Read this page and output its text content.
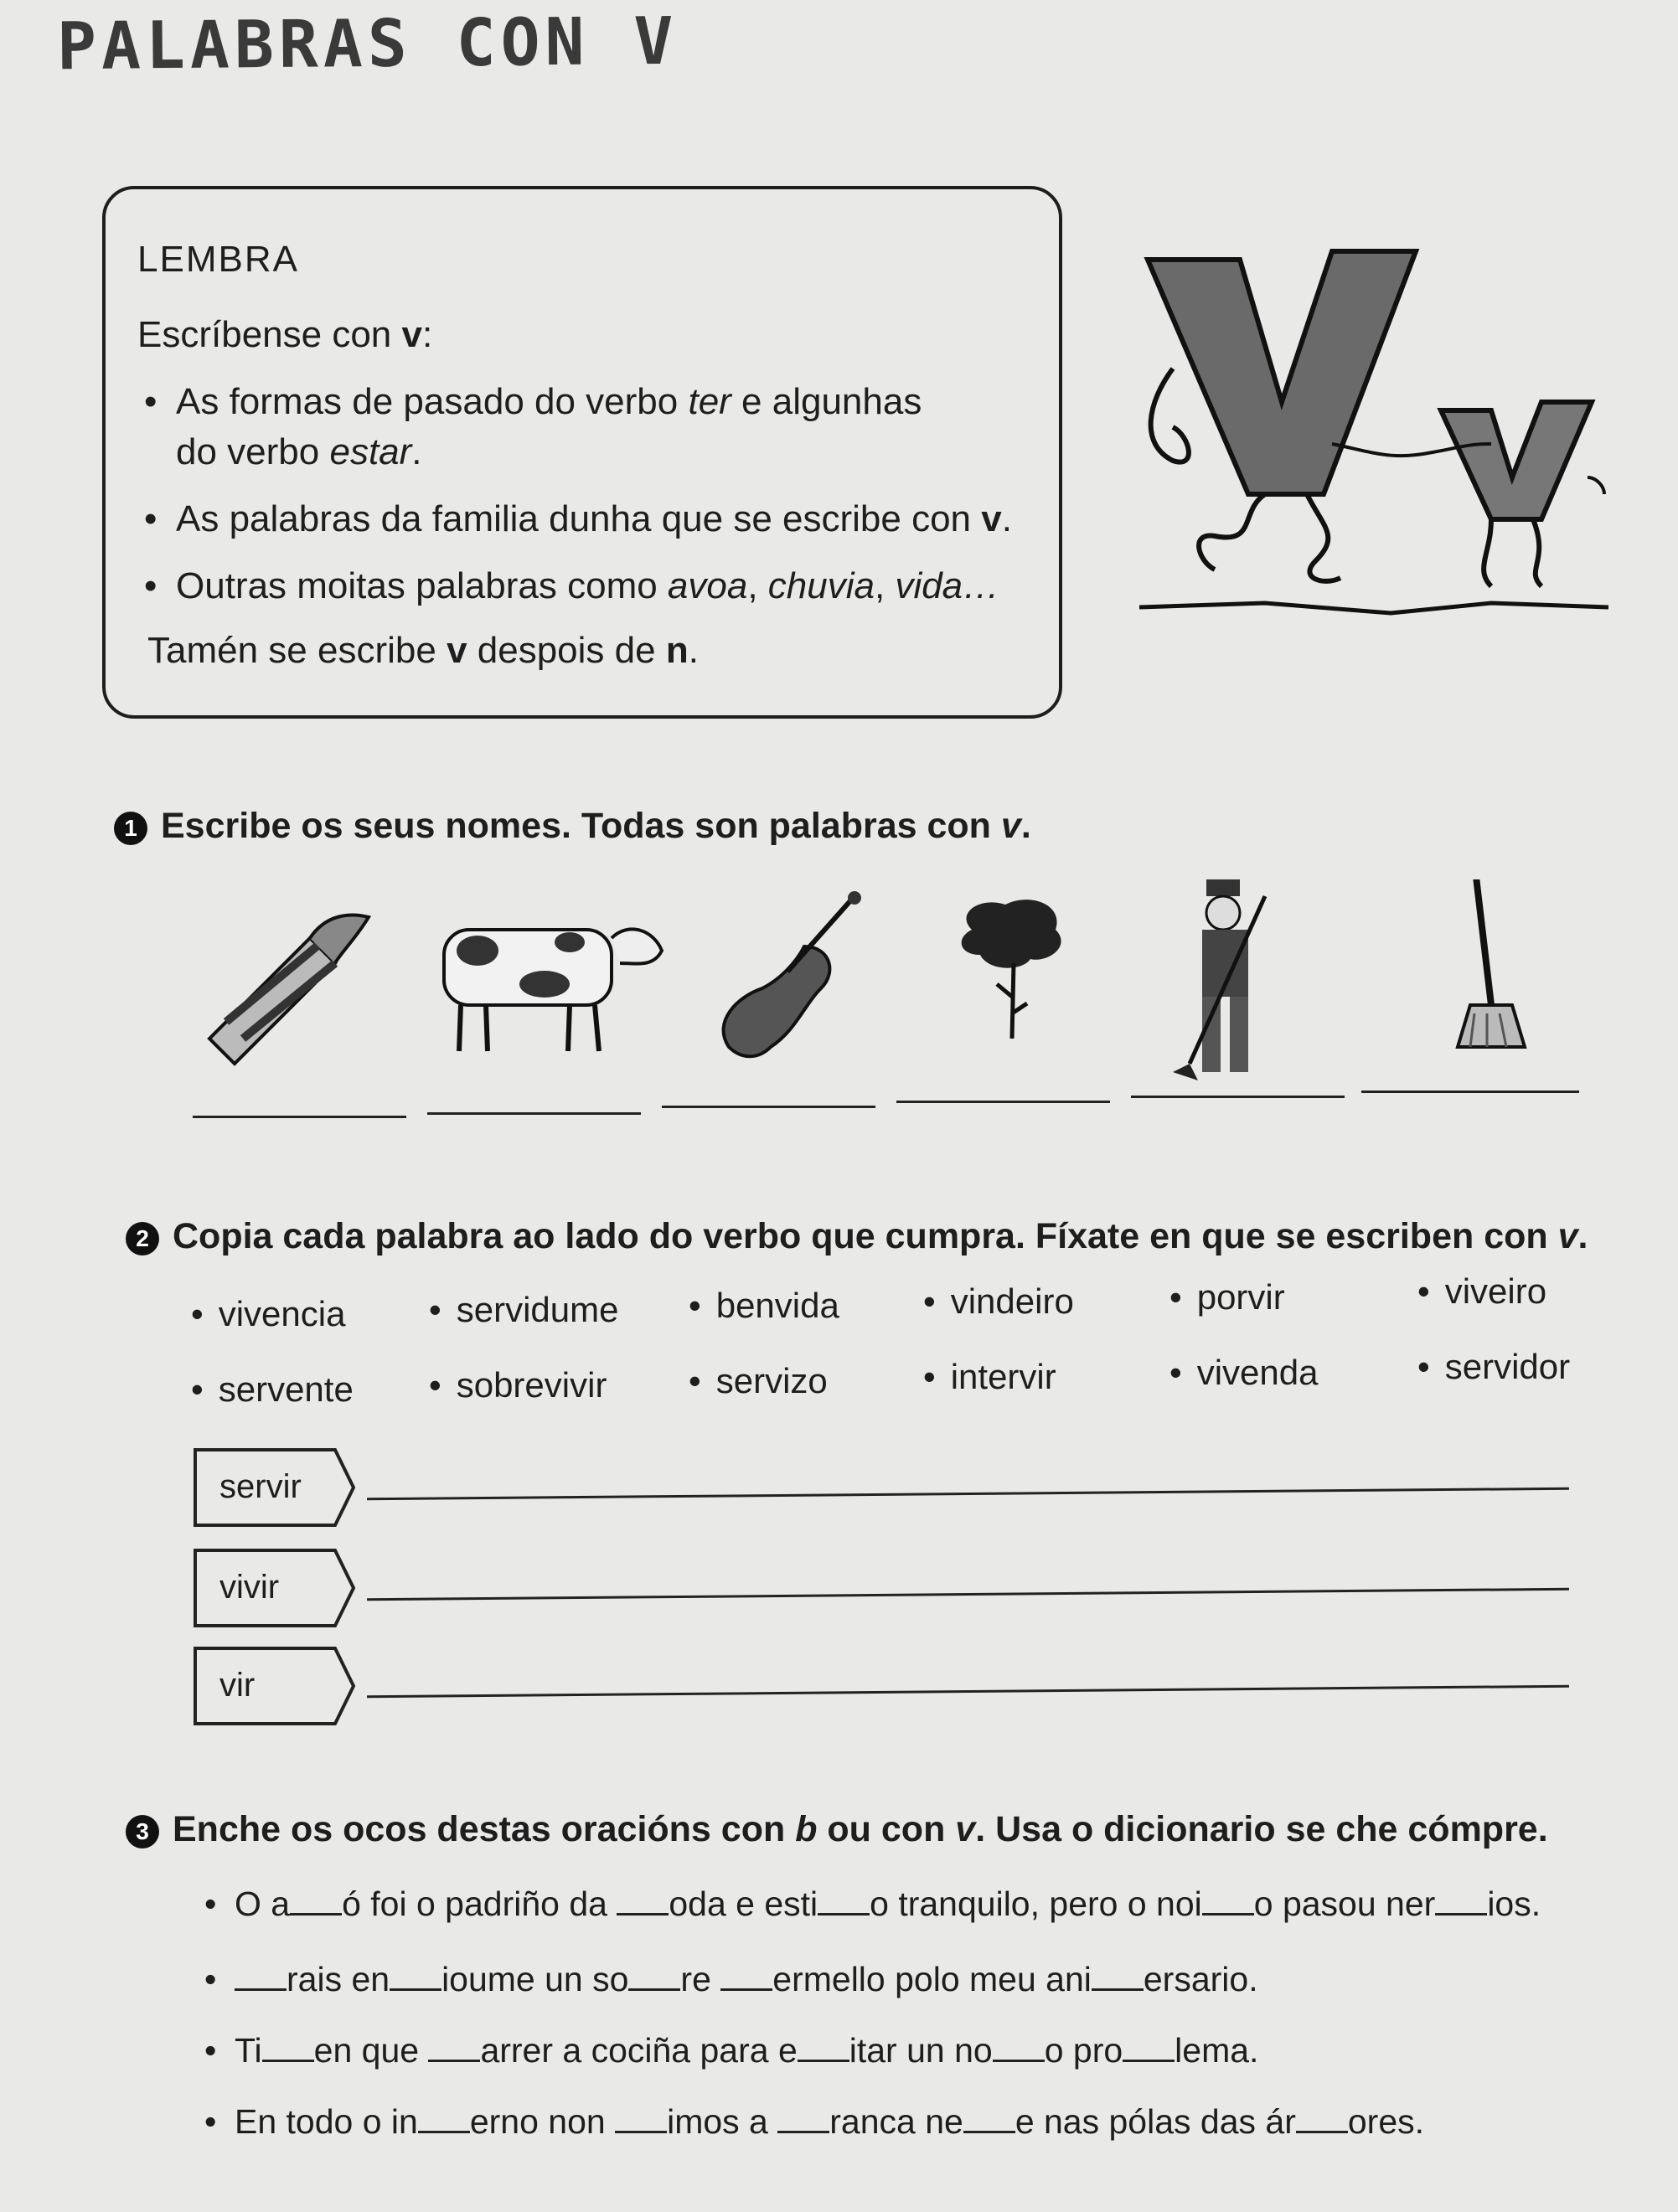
PALABRAS CON V
LEMBRA
Escríbense con v:
• As formas de pasado do verbo ter e algunhas
do verbo estar.
• As palabras da familia dunha que se escribe con v.
• Outras moitas palabras como avoa, chuvia, vida…
Tamén se escribe v despois de n.
1 Escribe os seus nomes. Todas son palabras con v.
2 Copia cada palabra ao lado do verbo que cumpra. Fíxate en que se escriben con v.
• vivencia • servidume • benvida • vindeiro	• porvir	• viveiro
• servente • sobrevivir • servizo	• intervir	• vivenda	• servidor
servir
vivir
vir
3 Enche os ocos destas oracións con b ou con v. Usa o dicionario se che cómpre.
• O a ó foi o padriño da oda e esti o tranquilo, pero o noi o pasou ner ios.
• rais en ioume un so re ermello polo meu ani ersario.
• Ti en que arrer a cociña para e itar un no o pro lema.
• En todo o in erno non imos a ranca ne e nas pólas das ár ores.
